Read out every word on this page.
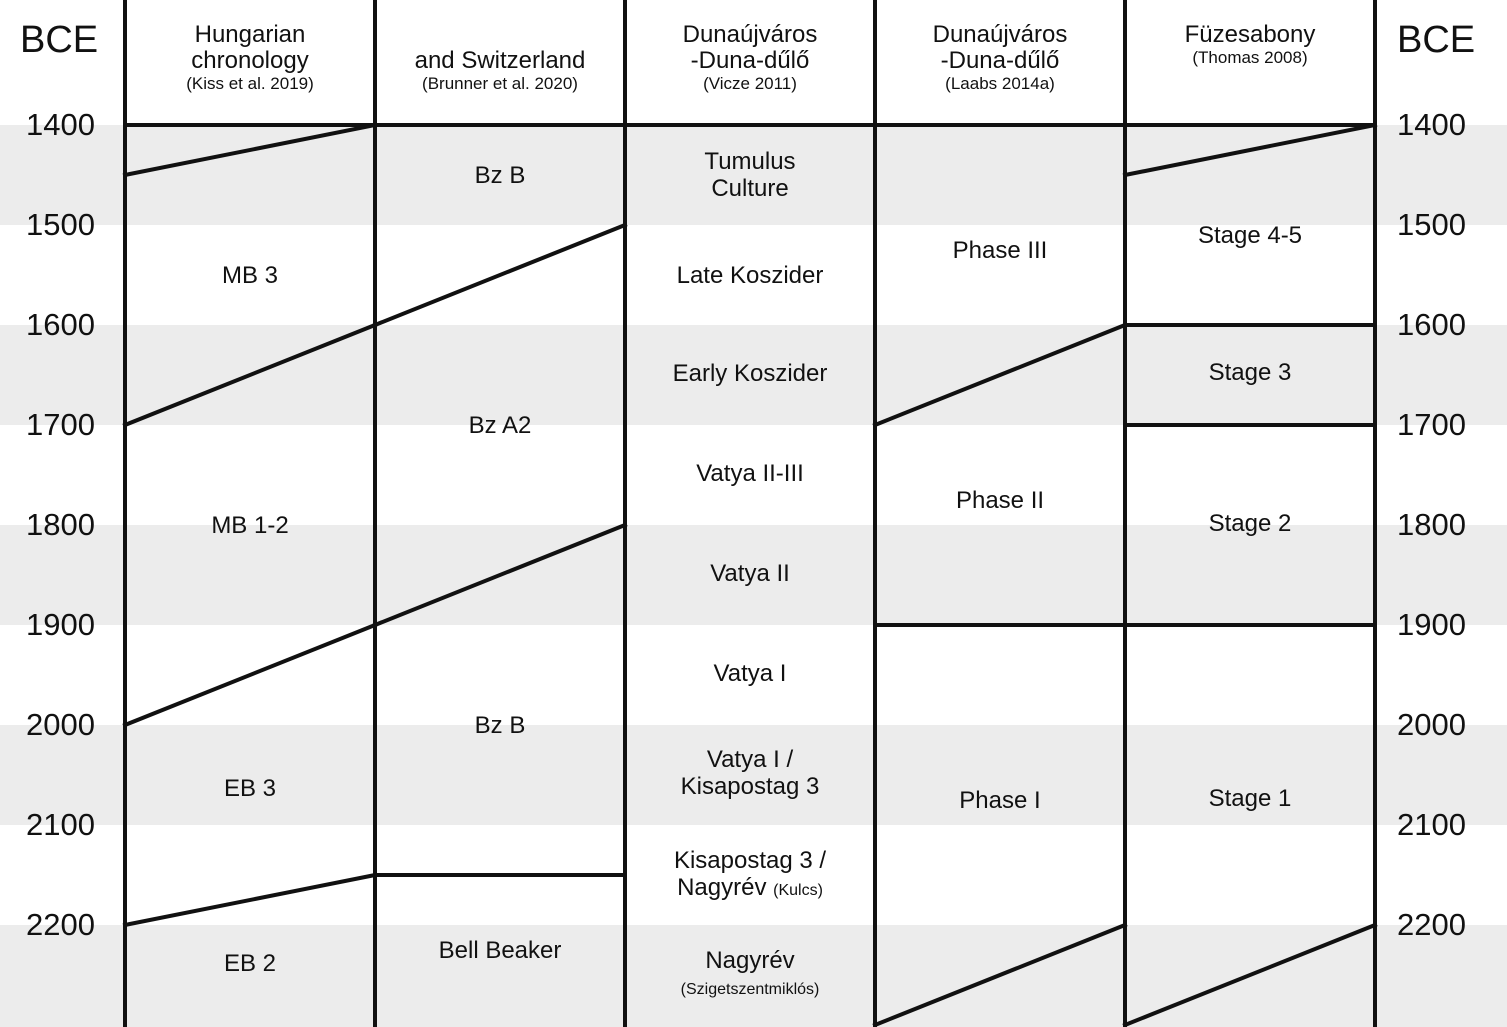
BCE	BCE
1400
1500
1600
1700
1800
1900
2000
2100
2200
1400
1500
1600
1700
1800
1900
2000
2100
2200
Hungarian
chronology
(Kiss et al. 2019)
and Switzerland
(Brunner et al. 2020)
Dunaújváros
-Duna-dűlő
(Vicze 2011)
Dunaújváros
-Duna-dűlő
(Laabs 2014a)
Füzesabony
(Thomas 2008)
MB 3
MB 1-2
EB 3
EB 2
Bz B
Bz A2
Bz B
Bell Beaker
Tumulus
Culture
Late Koszider
Early Koszider
Vatya II-III
Vatya II
Vatya I
Vatya I /
Kisapostag 3
Kisapostag 3 /
Nagyrév (Kulcs)
Nagyrév
(Szigetszentmiklós)
Phase III
Phase II
Phase I
Stage 4-5
Stage 3
Stage 2
Stage 1
